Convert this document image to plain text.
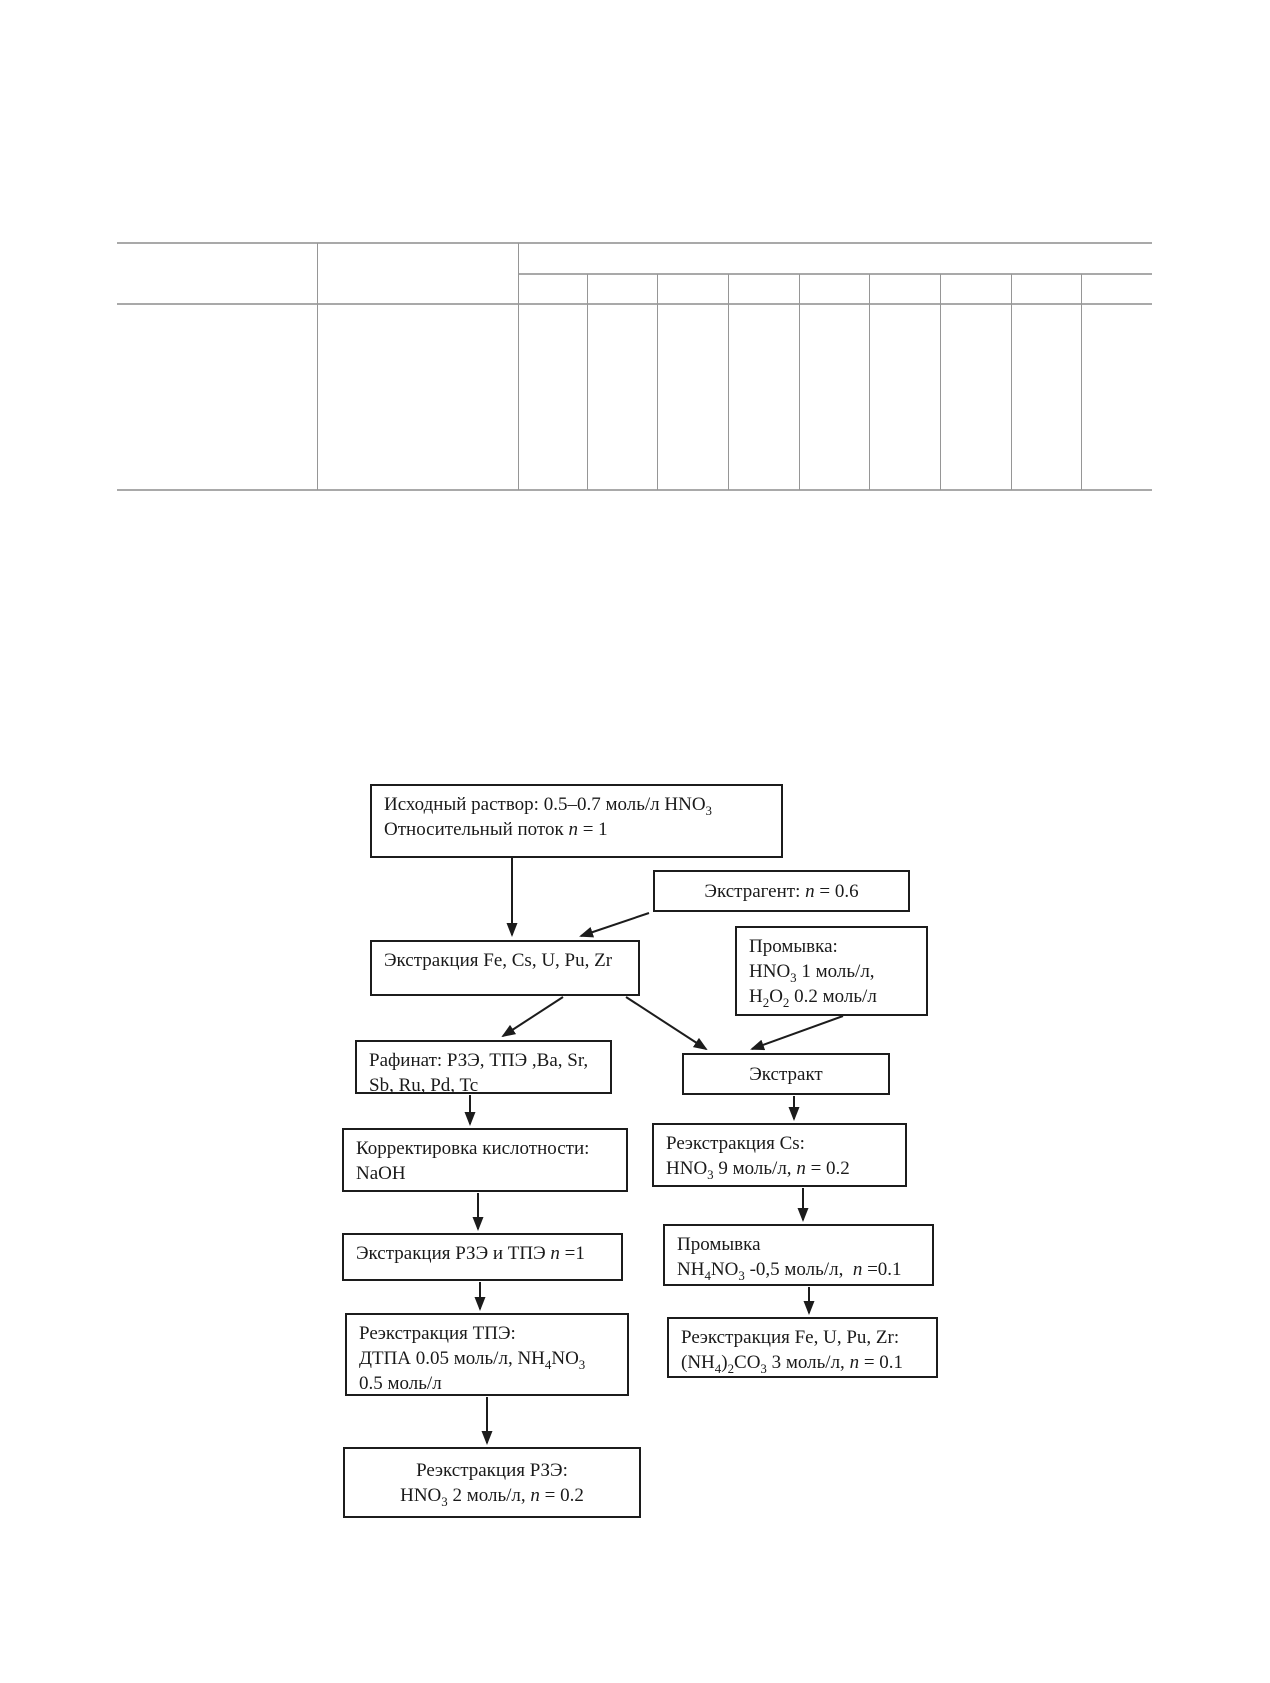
Исходный раствор: 0.5–0.7 моль/л $HNO_3$
Относительный поток n = 1
Экстрагент: n = 0.6
Экстракция Fe, Cs, U, Pu, Zr
Промывка:
$HNO_3$ 1 моль/л,
$H_2O_2$ 0.2 моль/л
Рафинат: РЗЭ, ТПЭ ,Ba, Sr,
Sb, Ru, Pd, Tc
Экстракт
Корректировка кислотности:
NaOH
Реэкстракция Cs:
$HNO_3$ 9 моль/л, n = 0.2
Экстракция РЗЭ и ТПЭ n =1	Промывка
$NH_4NO_3$ -0,5 моль/л,  n =0.1
Реэкстракция ТПЭ:
ДТПА 0.05 моль/л, $NH_4NO_3$
0.5 моль/л
Реэкстракция Fe, U, Pu, Zr:
$(NH_4)_2CO_3$ 3 моль/л, n = 0.1
Реэкстракция РЗЭ:
$HNO_3$ 2 моль/л, n = 0.2
